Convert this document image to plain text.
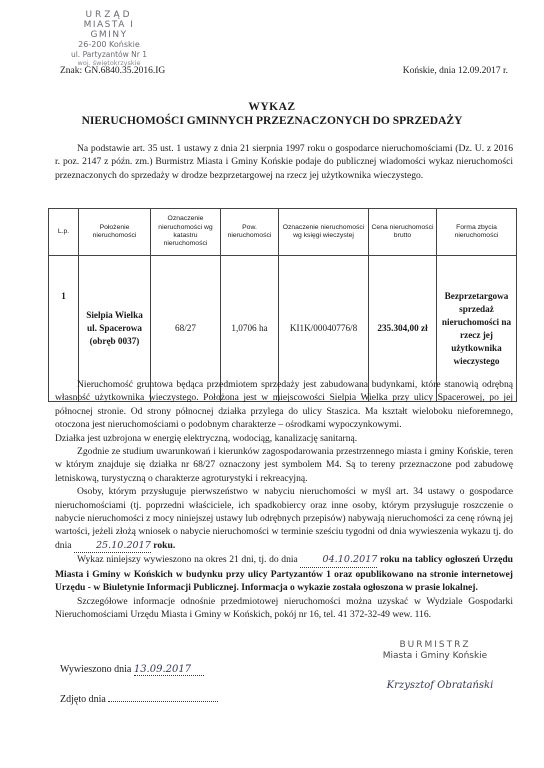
URZĄD
MIASTA I GMINY
26-200 Końskie
ul. Partyzantów Nr 1
woj. świętokrzyskie
Znak: GN.6840.35.2016.IG	Końskie, dnia 12.09.2017 r.
WYKAZ
NIERUCHOMOŚCI GMINNYCH PRZEZNACZONYCH DO SPRZEDAŻY

Na podstawie art. 35 ust. 1 ustawy z dnia 21 sierpnia 1997 roku o gospodarce nieruchomościami (Dz. U. z 2016 r. poz. 2147 z późn. zm.) Burmistrz Miasta i Gminy Końskie podaje do publicznej wiadomości wykaz nieruchomości przeznaczonych do sprzedaży w drodze bezprzetargowej na rzecz jej użytkownika wieczystego.

L.p.	Położenie nieruchomości	Oznaczenie nieruchomości wg katastru nieruchomości	Pow. nieruchomości	Oznaczenie nieruchomości wg księgi wieczystej	Cena nieruchomości brutto	Forma zbycia nieruchomości
1	Sielpia Wielka ul. Spacerowa (obręb 0037)	68/27	1,0706 ha	KI1K/00040776/8	235.304,00 zł	Bezprzetargowa sprzedaż nieruchomości na rzecz jej użytkownika wieczystego

Nieruchomość gruntowa będąca przedmiotem sprzedaży jest zabudowana budynkami, które stanowią odrębną własność użytkownika wieczystego. Położona jest w miejscowości Sielpia Wielka przy ulicy Spacerowej, po jej północnej stronie. Od strony północnej działka przylega do ulicy Staszica. Ma kształt wieloboku nieforemnego, otoczona jest nieruchomościami o podobnym charakterze – ośrodkami wypoczynkowymi.

Działka jest uzbrojona w energię elektryczną, wodociąg, kanalizację sanitarną.

Zgodnie ze studium uwarunkowań i kierunków zagospodarowania przestrzennego miasta i gminy Końskie, teren w którym znajduje się działka nr 68/27 oznaczony jest symbolem M4. Są to tereny przeznaczone pod zabudowę letniskową, turystyczną o charakterze agroturystyki i rekreacyjną.

Osoby, którym przysługuje pierwszeństwo w nabyciu nieruchomości w myśl art. 34 ustawy o gospodarce nieruchomościami (tj. poprzedni właściciele, ich spadkobiercy oraz inne osoby, którym przysługuje roszczenie o nabycie nieruchomości z mocy niniejszej ustawy lub odrębnych przepisów) nabywają nieruchomości za cenę równą jej wartości, jeżeli złożą wniosek o nabycie nieruchomości w terminie sześciu tygodni od dnia wywieszenia wykazu tj. do dnia	25.10.2017 roku.

Wykaz niniejszy wywieszono na okres 21 dni, tj. do dnia	04.10.2017 roku na tablicy ogłoszeń Urzędu Miasta i Gminy w Końskich w budynku przy ulicy Partyzantów 1 oraz opublikowano na stronie internetowej Urzędu - w Biuletynie Informacji Publicznej. Informacja o wykazie została ogłoszona w prasie lokalnej.

Szczegółowe informacje odnośnie przedmiotowej nieruchomości można uzyskać w Wydziale Gospodarki Nieruchomościami Urzędu Miasta i Gminy w Końskich, pokój nr 16, tel. 41 372-32-49 wew. 116.

Wywieszono dnia 13.09.2017
Zdjęto dnia
BURMISTRZ
Miasta i Gminy Końskie
Krzysztof Obratański
